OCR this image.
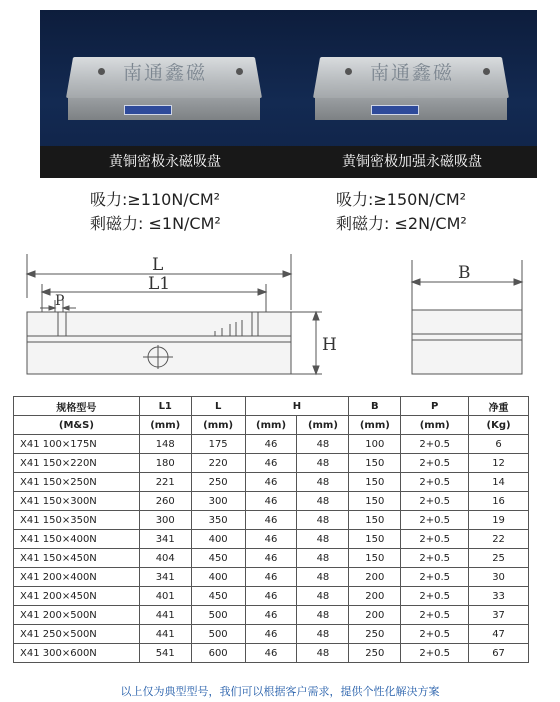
南通鑫磁
黄铜密极永磁吸盘
南通鑫磁
黄铜密极加强永磁吸盘
吸力:≥110N/CM²
剩磁力: ≤1N/CM²
吸力:≥150N/CM²
剩磁力: ≤2N/CM²
L
L1
P
H
B
规格型号	L1	L	H		B	P	净重
(M&S)	(mm)	(mm)	(mm)	(mm)	(mm)	(mm)	(Kg)
X41 100×175N	148	175	46	48	100	2+0.5	6
X41 150×220N	180	220	46	48	150	2+0.5	12
X41 150×250N	221	250	46	48	150	2+0.5	14
X41 150×300N	260	300	46	48	150	2+0.5	16
X41 150×350N	300	350	46	48	150	2+0.5	19
X41 150×400N	341	400	46	48	150	2+0.5	22
X41 150×450N	404	450	46	48	150	2+0.5	25
X41 200×400N	341	400	46	48	200	2+0.5	30
X41 200×450N	401	450	46	48	200	2+0.5	33
X41 200×500N	441	500	46	48	200	2+0.5	37
X41 250×500N	441	500	46	48	250	2+0.5	47
X41 300×600N	541	600	46	48	250	2+0.5	67
以上仅为典型型号，我们可以根据客户需求，提供个性化解决方案
